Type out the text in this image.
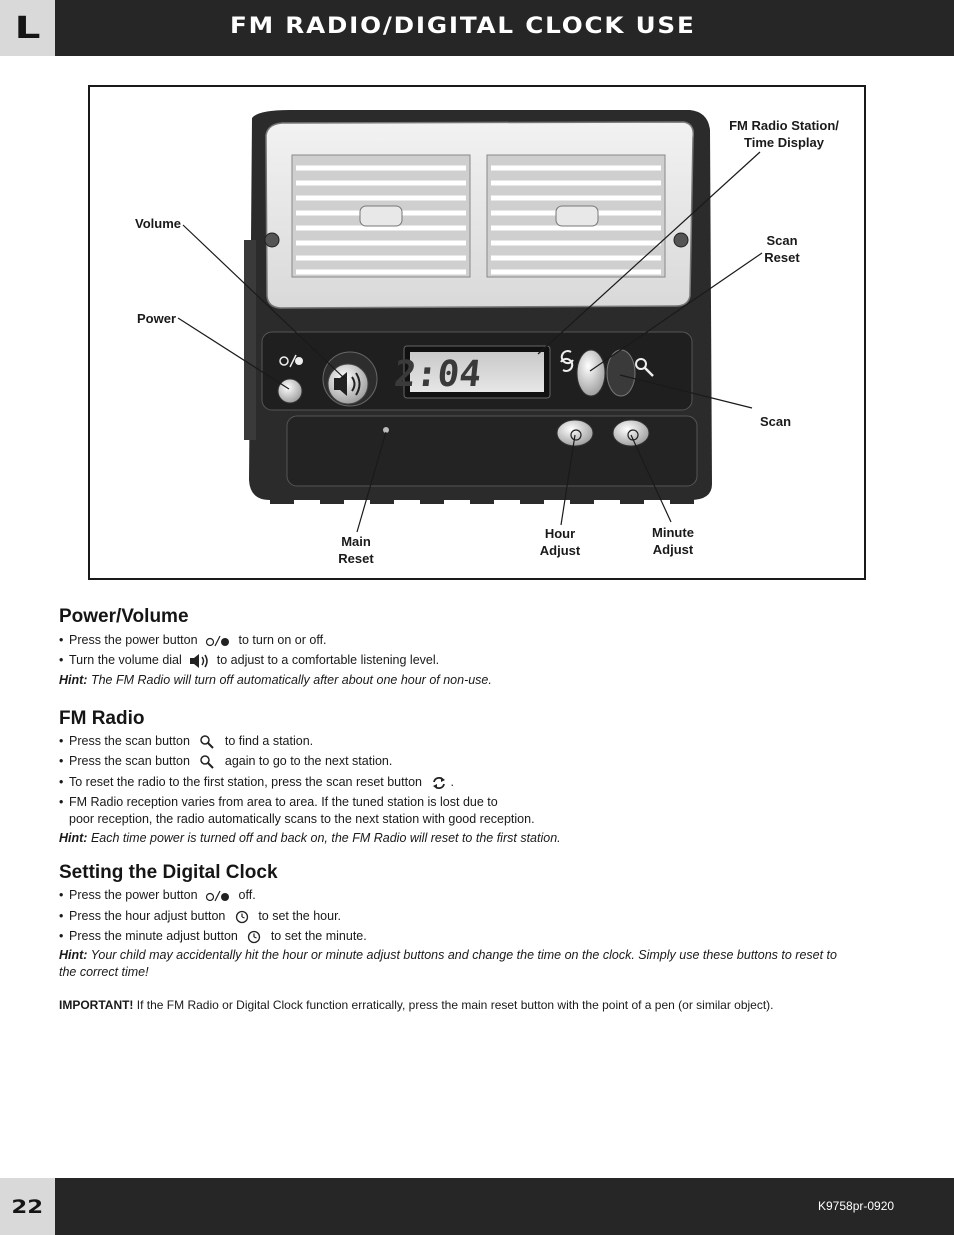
L	FM RADIO/DIGITAL CLOCK USE
2:04
FM Radio Station/
Time Display
Volume
Power
Scan
Reset
Scan
Main
Reset
Hour
Adjust
Minute
Adjust
Power/Volume
• Press the power button	to turn on or off.
• Turn the volume dial	to adjust to a comfortable listening level.
Hint: The FM Radio will turn off automatically after about one hour of non-use.
FM Radio
• Press the scan button	to find a station.
• Press the scan button	again to go to the next station.
• To reset the radio to the first station, press the scan reset button .
• FM Radio reception varies from area to area. If the tuned station is lost due to
poor reception, the radio automatically scans to the next station with good reception.
Hint: Each time power is turned off and back on, the FM Radio will reset to the first station.
Setting the Digital Clock
• Press the power button	off.
• Press the hour adjust button	to set the hour.
• Press the minute adjust button	to set the minute.
Hint: Your child may accidentally hit the hour or minute adjust buttons and change the time on the clock. Simply use these buttons to reset to
the correct time!
IMPORTANT! If the FM Radio or Digital Clock function erratically, press the main reset button with the point of a pen (or similar object).
22	K9758pr-0920
